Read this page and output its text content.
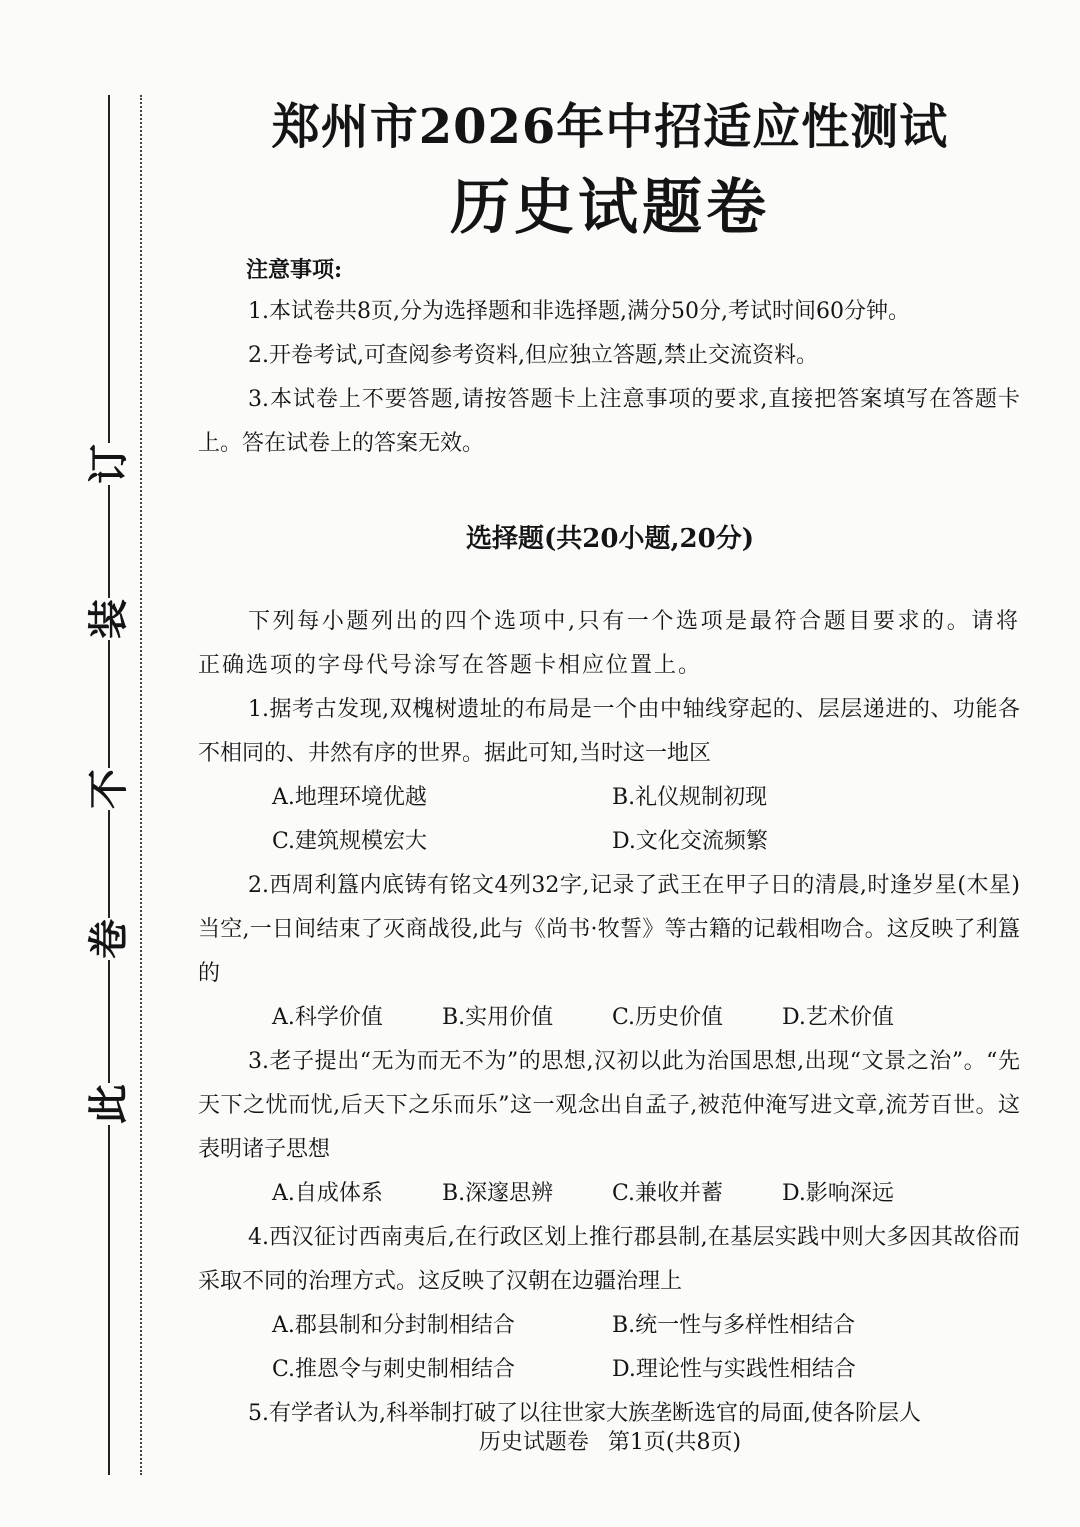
订
装
不
卷
此
郑州市2026年中招适应性测试
历史试题卷
注意事项:

1.本试卷共8页,分为选择题和非选择题,满分50分,考试时间60分钟。

2.开卷考试,可查阅参考资料,但应独立答题,禁止交流资料。

3.本试卷上不要答题,请按答题卡上注意事项的要求,直接把答案填写在答题卡上。答在试卷上的答案无效。

选择题(共20小题,20分)

下列每小题列出的四个选项中,只有一个选项是最符合题目要求的。请将正确选项的字母代号涂写在答题卡相应位置上。

1.据考古发现,双槐树遗址的布局是一个由中轴线穿起的、层层递进的、功能各不相同的、井然有序的世界。据此可知,当时这一地区

A.地理环境优越	B.礼仪规制初现
C.建筑规模宏大	D.文化交流频繁

2.西周利簋内底铸有铭文4列32字,记录了武王在甲子日的清晨,时逢岁星(木星)当空,一日间结束了灭商战役,此与《尚书·牧誓》等古籍的记载相吻合。这反映了利簋的

A.科学价值	B.实用价值	C.历史价值	D.艺术价值

3.老子提出“无为而无不为”的思想,汉初以此为治国思想,出现“文景之治”。“先天下之忧而忧,后天下之乐而乐”这一观念出自孟子,被范仲淹写进文章,流芳百世。这表明诸子思想

A.自成体系	B.深邃思辨	C.兼收并蓄	D.影响深远

4.西汉征讨西南夷后,在行政区划上推行郡县制,在基层实践中则大多因其故俗而采取不同的治理方式。这反映了汉朝在边疆治理上

A.郡县制和分封制相结合	B.统一性与多样性相结合
C.推恩令与刺史制相结合	D.理论性与实践性相结合

5.有学者认为,科举制打破了以往世家大族垄断选官的局面,使各阶层人

历史试题卷 第1页(共8页)
